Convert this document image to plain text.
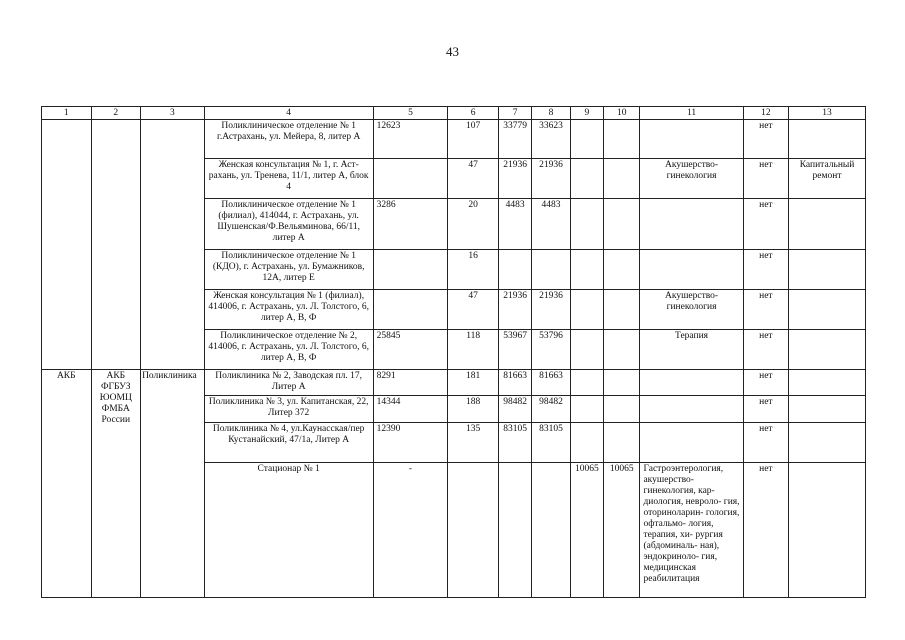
43
1	2	3	4	5	6	7	8	9	10	11	12	13
			Поликлиническое отделение № 1 г.Астрахань, ул. Мейера, 8, литер А	12623	107	33779	33623				нет	
			Женская консультация № 1, г. Аст- рахань, ул. Тренева, 11/1, литер А, блок 4		47	21936	21936			Акушерство- гинекология	нет	Капитальный ремонт
			Поликлиническое отделение № 1 (филиал), 414044, г. Астрахань, ул. Шушенская/Ф.Вельяминова, 66/11, литер А	3286	20	4483	4483				нет	
			Поликлиническое отделение № 1 (КДО), г. Астрахань, ул. Бумажников, 12А, литер Е		16						нет	
			Женская консультация № 1 (филиал), 414006, г. Астрахань, ул. Л. Толстого, 6, литер А, В, Ф		47	21936	21936			Акушерство- гинекология	нет	
			Поликлиническое отделение № 2, 414006, г. Астрахань, ул. Л. Толстого, 6, литер А, В, Ф	25845	118	53967	53796			Терапия	нет	
АКБ	АКБ ФГБУЗ ЮОМЦ ФМБА России	Поликлиника	Поликлиника № 2, Заводская пл. 17, Литер А	8291	181	81663	81663				нет	
			Поликлиника № 3, ул. Капитанская, 22, Литер 372	14344	188	98482	98482				нет	
			Поликлиника № 4, ул.Каунасская/пер Кустанайский, 47/1а, Литер А	12390	135	83105	83105				нет	
			Стационар № 1	-				10065	10065	Гастроэнтерология, акушерство- гинекология, кар- диология, невроло- гия, оториноларин- гология, офтальмо- логия, терапия, хи- рургия (абдоминаль- ная), эндокриноло- гия, медицинская реабилитация	нет	
